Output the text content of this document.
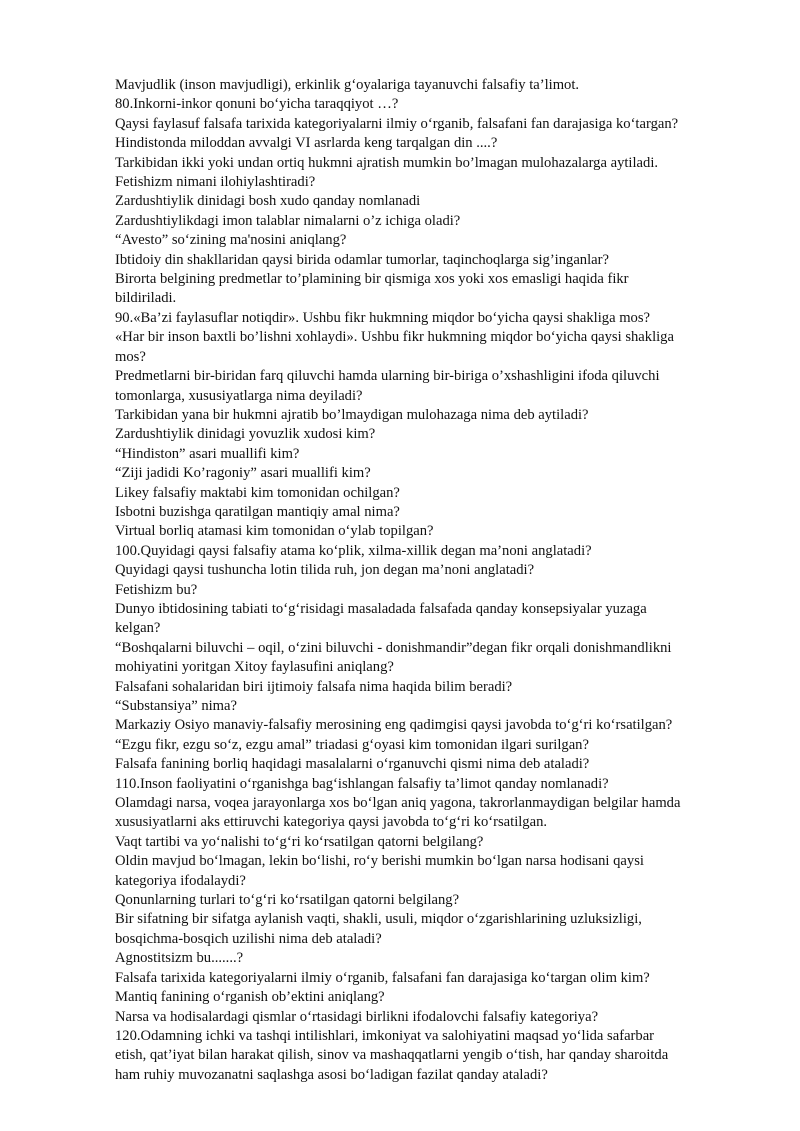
Mavjudlik (inson mavjudligi), erkinlik g‘oyalariga tayanuvchi falsafiy ta’limot.

80.Inkorni-inkor qonuni bo‘yicha taraqqiyot …?

Qaysi faylasuf falsafa tarixida kategoriyalarni ilmiy o‘rganib, falsafani fan darajasiga ko‘targan?

Hindistonda miloddan avvalgi VI asrlarda keng tarqalgan din ....?

Tarkibidan ikki yoki undan ortiq hukmni ajratish mumkin bo’lmagan mulohazalarga aytiladi.

Fetishizm nimani ilohiylashtiradi?

Zardushtiylik dinidagi bosh xudo qanday nomlanadi

Zardushtiylikdagi imon talablar nimalarni o’z ichiga oladi?

“Avesto” so‘zining ma'nosini aniqlang?

Ibtidoiy din shakllaridan qaysi birida odamlar tumorlar, taqinchoqlarga sig’inganlar?

Birorta belgining predmetlar to’plamining bir qismiga xos yoki xos emasligi haqida fikr

bildiriladi.

90.«Ba’zi faylasuflar notiqdir». Ushbu fikr hukmning miqdor bo‘yicha qaysi shakliga mos?

«Har bir inson baxtli bo’lishni xohlaydi». Ushbu fikr hukmning miqdor bo‘yicha qaysi shakliga

mos?

Predmetlarni bir-biridan farq qiluvchi hamda ularning bir-biriga o’xshashligini ifoda qiluvchi

tomonlarga, xususiyatlarga nima deyiladi?

Tarkibidan yana bir hukmni ajratib bo’lmaydigan mulohazaga nima deb aytiladi?

Zardushtiylik dinidagi yovuzlik xudosi kim?

“Hindiston” asari muallifi kim?

“Ziji jadidi Ko’ragoniy” asari muallifi kim?

Likey falsafiy maktabi kim tomonidan ochilgan?

Isbotni buzishga qaratilgan mantiqiy amal nima?

Virtual borliq atamasi kim tomonidan o‘ylab topilgan?

100.Quyidagi qaysi falsafiy atama ko‘plik, xilma-xillik degan ma’noni anglatadi?

Quyidagi qaysi tushuncha lotin tilida ruh, jon degan ma’noni anglatadi?

Fetishizm bu?

Dunyo ibtidosining tabiati to‘g‘risidagi masaladada falsafada qanday konsepsiyalar yuzaga

kelgan?

“Boshqalarni biluvchi – oqil, o‘zini biluvchi - donishmandir”degan fikr orqali donishmandlikni

mohiyatini yoritgan Xitoy faylasufini aniqlang?

Falsafani sohalaridan biri ijtimoiy falsafa nima haqida bilim beradi?

“Substansiya” nima?

Markaziy Osiyo manaviy-falsafiy merosining eng qadimgisi qaysi javobda to‘g‘ri ko‘rsatilgan?

“Ezgu fikr, ezgu so‘z, ezgu amal” triadasi g‘oyasi kim tomonidan ilgari surilgan?

Falsafa fanining borliq haqidagi masalalarni o‘rganuvchi qismi nima deb ataladi?

110.Inson faoliyatini o‘rganishga bag‘ishlangan falsafiy ta’limot qanday nomlanadi?

Olamdagi narsa, voqea jarayonlarga xos bo‘lgan aniq yagona, takrorlanmaydigan belgilar hamda

xususiyatlarni aks ettiruvchi kategoriya qaysi javobda to‘g‘ri ko‘rsatilgan.

Vaqt tartibi va yo‘nalishi to‘g‘ri ko‘rsatilgan qatorni belgilang?

Oldin mavjud bo‘lmagan, lekin bo‘lishi, ro‘y berishi mumkin bo‘lgan narsa hodisani qaysi

kategoriya ifodalaydi?

Qonunlarning turlari to‘g‘ri ko‘rsatilgan qatorni belgilang?

Bir sifatning bir sifatga aylanish vaqti, shakli, usuli, miqdor o‘zgarishlarining uzluksizligi,

bosqichma-bosqich uzilishi nima deb ataladi?

Agnostitsizm bu.......?

Falsafa tarixida kategoriyalarni ilmiy o‘rganib, falsafani fan darajasiga ko‘targan olim kim?

Mantiq fanining o‘rganish ob’ektini aniqlang?

Narsa va hodisalardagi qismlar o‘rtasidagi birlikni ifodalovchi falsafiy kategoriya?

120.Odamning ichki va tashqi intilishlari, imkoniyat va salohiyatini maqsad yo‘lida safarbar

etish, qat’iyat bilan harakat qilish, sinov va mashaqqatlarni yengib o‘tish, har qanday sharoitda

ham ruhiy muvozanatni saqlashga asosi bo‘ladigan fazilat qanday ataladi?
